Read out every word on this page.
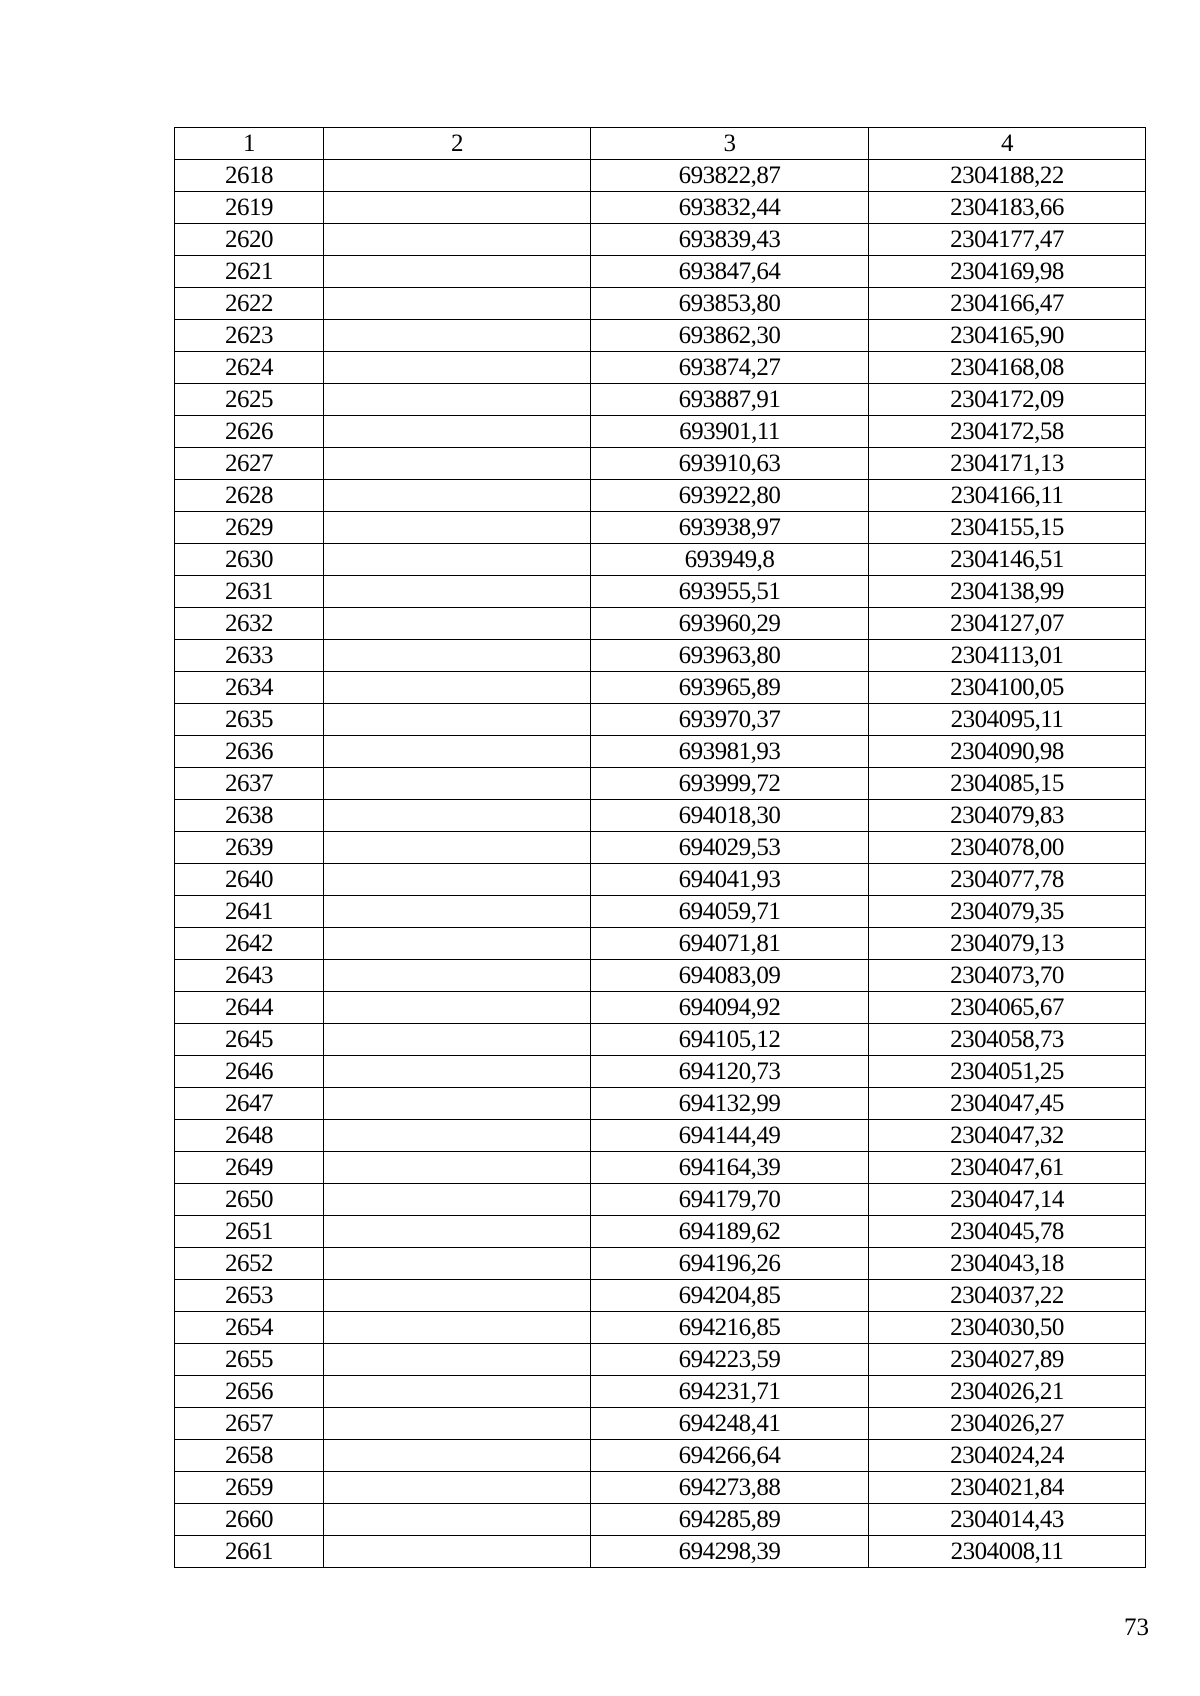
1	2	3	4
2618		693822,87	2304188,22
2619		693832,44	2304183,66
2620		693839,43	2304177,47
2621		693847,64	2304169,98
2622		693853,80	2304166,47
2623		693862,30	2304165,90
2624		693874,27	2304168,08
2625		693887,91	2304172,09
2626		693901,11	2304172,58
2627		693910,63	2304171,13
2628		693922,80	2304166,11
2629		693938,97	2304155,15
2630		693949,8	2304146,51
2631		693955,51	2304138,99
2632		693960,29	2304127,07
2633		693963,80	2304113,01
2634		693965,89	2304100,05
2635		693970,37	2304095,11
2636		693981,93	2304090,98
2637		693999,72	2304085,15
2638		694018,30	2304079,83
2639		694029,53	2304078,00
2640		694041,93	2304077,78
2641		694059,71	2304079,35
2642		694071,81	2304079,13
2643		694083,09	2304073,70
2644		694094,92	2304065,67
2645		694105,12	2304058,73
2646		694120,73	2304051,25
2647		694132,99	2304047,45
2648		694144,49	2304047,32
2649		694164,39	2304047,61
2650		694179,70	2304047,14
2651		694189,62	2304045,78
2652		694196,26	2304043,18
2653		694204,85	2304037,22
2654		694216,85	2304030,50
2655		694223,59	2304027,89
2656		694231,71	2304026,21
2657		694248,41	2304026,27
2658		694266,64	2304024,24
2659		694273,88	2304021,84
2660		694285,89	2304014,43
2661		694298,39	2304008,11
73
